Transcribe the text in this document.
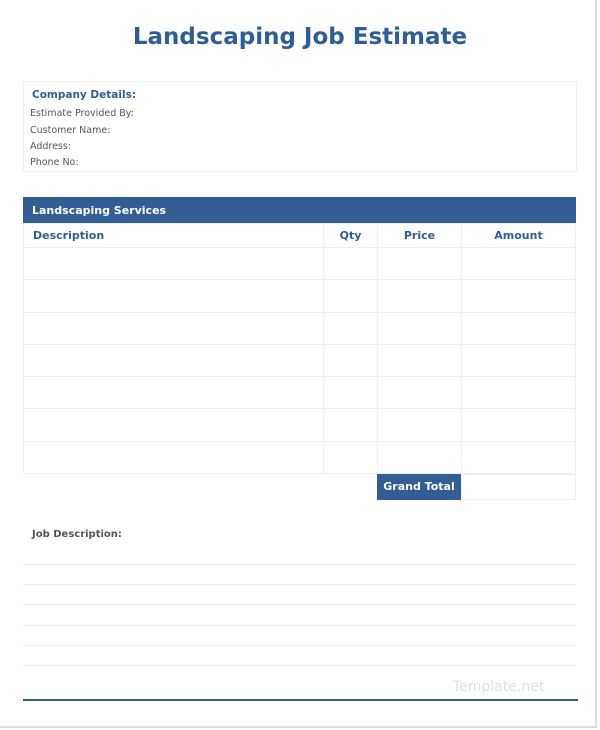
Landscaping Job Estimate
Company Details:
Estimate Provided By:
Customer Name:
Address:
Phone No:
Landscaping Services
Description	Qty	Price	Amount

Grand Total
Job Description:
Template.net
